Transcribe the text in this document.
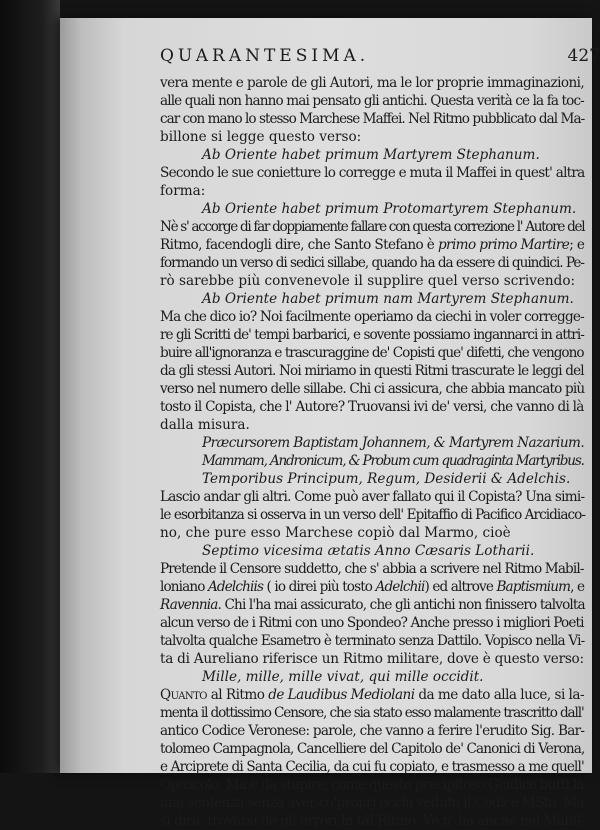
QUARANTESIMA.	427
vera mente e parole de gli Autori, ma le lor proprie immaginazioni,
alle quali non hanno mai pensato gli antichi. Questa verità ce la fa toc-
car con mano lo stesso Marchese Maffei. Nel Ritmo pubblicato dal Ma-
billone si legge questo verso:
Ab Oriente habet primum Martyrem Stephanum.
Secondo le sue conietture lo corregge e muta il Maffei in quest' altra
forma:
Ab Oriente habet primum Protomartyrem Stephanum.
Nè s' accorge di far doppiamente fallare con questa correzione l' Autore del
Ritmo, facendogli dire, che Santo Stefano è primo primo Martire; e
formando un verso di sedici sillabe, quando ha da essere di quindici. Pe-
rò sarebbe più convenevole il supplire quel verso scrivendo:
Ab Oriente habet primum nam Martyrem Stephanum.
Ma che dico io? Noi facilmente operiamo da ciechi in voler corregge-
re gli Scritti de' tempi barbarici, e sovente possiamo ingannarci in attri-
buire all'ignoranza e trascuraggine de' Copisti que' difetti, che vengono
da gli stessi Autori. Noi miriamo in questi Ritmi trascurate le leggi del
verso nel numero delle sillabe. Chi ci assicura, che abbia mancato più
tosto il Copista, che l' Autore? Truovansi ivi de' versi, che vanno di là
dalla misura.
Præcursorem Baptistam Johannem, & Martyrem Nazarium.
Mammam, Andronicum, & Probum cum quadraginta Martyribus.
Temporibus Principum, Regum, Desiderii & Adelchis.
Lascio andar gli altri. Come può aver fallato qui il Copista? Una simi-
le esorbitanza si osserva in un verso dell' Epitaffio di Pacifico Arcidiaco-
no, che pure esso Marchese copiò dal Marmo, cioè
Septimo vicesima ætatis Anno Cæsaris Lotharii.
Pretende il Censore suddetto, che s' abbia a scrivere nel Ritmo Mabil-
loniano Adelchiis ( io direi più tosto Adelchii) ed altrove Baptismium, e
Ravennia. Chi l'ha mai assicurato, che gli antichi non finissero talvolta
alcun verso de i Ritmi con uno Spondeo? Anche presso i migliori Poeti
talvolta qualche Esametro è terminato senza Dattilo. Vopisco nella Vi-
ta di Aureliano riferisce un Ritmo militare, dove è questo verso:
Mille, mille, mille vivat, qui mille occidit.
Quanto al Ritmo de Laudibus Mediolani da me dato alla luce, si la-
menta il dottissimo Censore, che sia stato esso malamente trascritto dall'
antico Codice Veronese: parole, che vanno a ferire l'erudito Sig. Bar-
tolomeo Campagnola, Cancelliere del Capitolo de' Canonici di Verona,
e Arciprete di Santa Cecilia, da cui fu copiato, e trasmesso a me quell'
Opuscolo. Ma è da stupire, come questo precipitoso Giudice butti là
una sentenza senza aver co'proprj occhi veduto il Codice MSto. Ma
si dirà, trovarsi de gli errori in tal Ritmo. Ve n' ha anche nel Mabil-
